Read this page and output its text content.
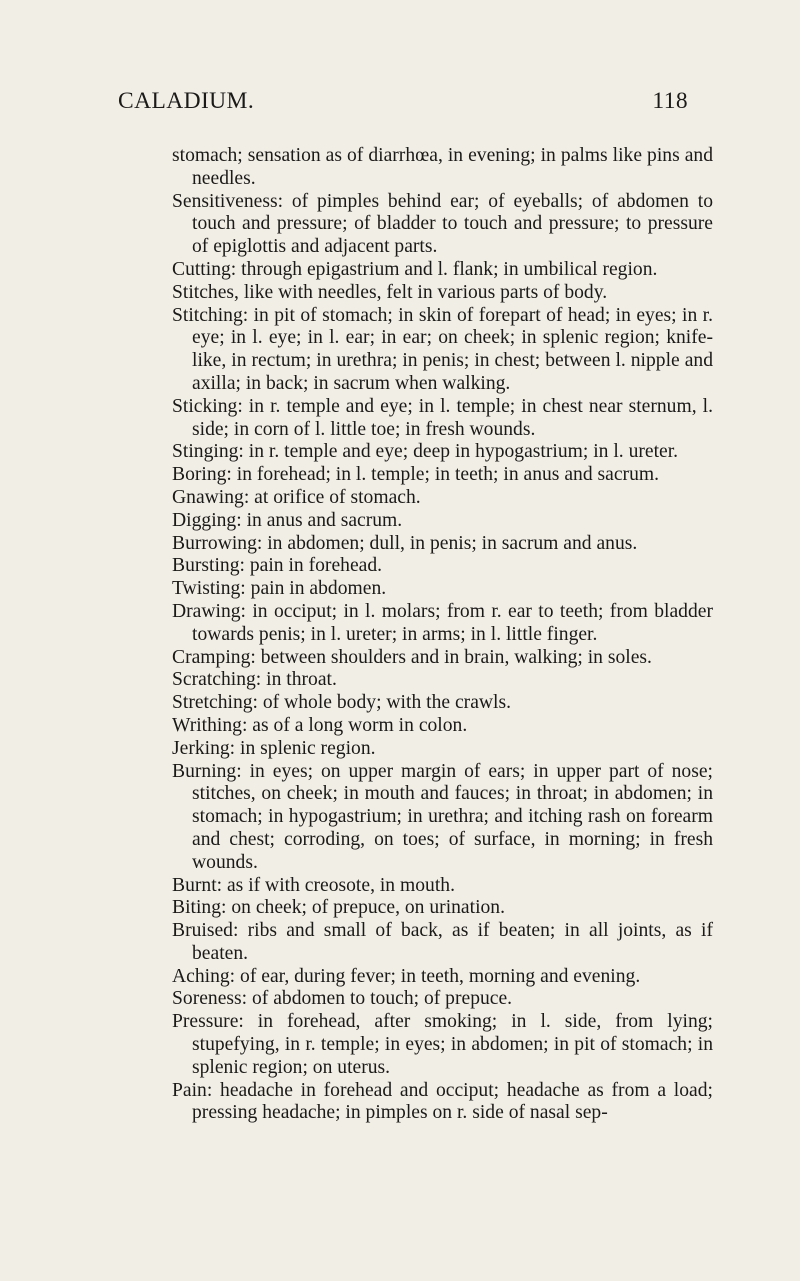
CALADIUM.	118

stomach; sensation as of diarrhœa, in evening; in palms like pins and needles.

Sensitiveness: of pimples behind ear; of eyeballs; of abdomen to touch and pressure; of bladder to touch and pressure; to pressure of epiglottis and adjacent parts.

Cutting: through epigastrium and l. flank; in umbilical region.

Stitches, like with needles, felt in various parts of body.

Stitching: in pit of stomach; in skin of forepart of head; in eyes; in r. eye; in l. eye; in l. ear; in ear; on cheek; in splenic region; knife-like, in rectum; in urethra; in penis; in chest; between l. nipple and axilla; in back; in sacrum when walking.

Sticking: in r. temple and eye; in l. temple; in chest near sternum, l. side; in corn of l. little toe; in fresh wounds.

Stinging: in r. temple and eye; deep in hypogastrium; in l. ureter.

Boring: in forehead; in l. temple; in teeth; in anus and sacrum.

Gnawing: at orifice of stomach.

Digging: in anus and sacrum.

Burrowing: in abdomen; dull, in penis; in sacrum and anus.

Bursting: pain in forehead.

Twisting: pain in abdomen.

Drawing: in occiput; in l. molars; from r. ear to teeth; from bladder towards penis; in l. ureter; in arms; in l. little finger.

Cramping: between shoulders and in brain, walking; in soles.

Scratching: in throat.

Stretching: of whole body; with the crawls.

Writhing: as of a long worm in colon.

Jerking: in splenic region.

Burning: in eyes; on upper margin of ears; in upper part of nose; stitches, on cheek; in mouth and fauces; in throat; in abdomen; in stomach; in hypogastrium; in urethra; and itching rash on forearm and chest; corroding, on toes; of surface, in morning; in fresh wounds.

Burnt: as if with creosote, in mouth.

Biting: on cheek; of prepuce, on urination.

Bruised: ribs and small of back, as if beaten; in all joints, as if beaten.

Aching: of ear, during fever; in teeth, morning and evening.

Soreness: of abdomen to touch; of prepuce.

Pressure: in forehead, after smoking; in l. side, from lying; stupefying, in r. temple; in eyes; in abdomen; in pit of stomach; in splenic region; on uterus.

Pain: headache in forehead and occiput; headache as from a load; pressing headache; in pimples on r. side of nasal sep-
